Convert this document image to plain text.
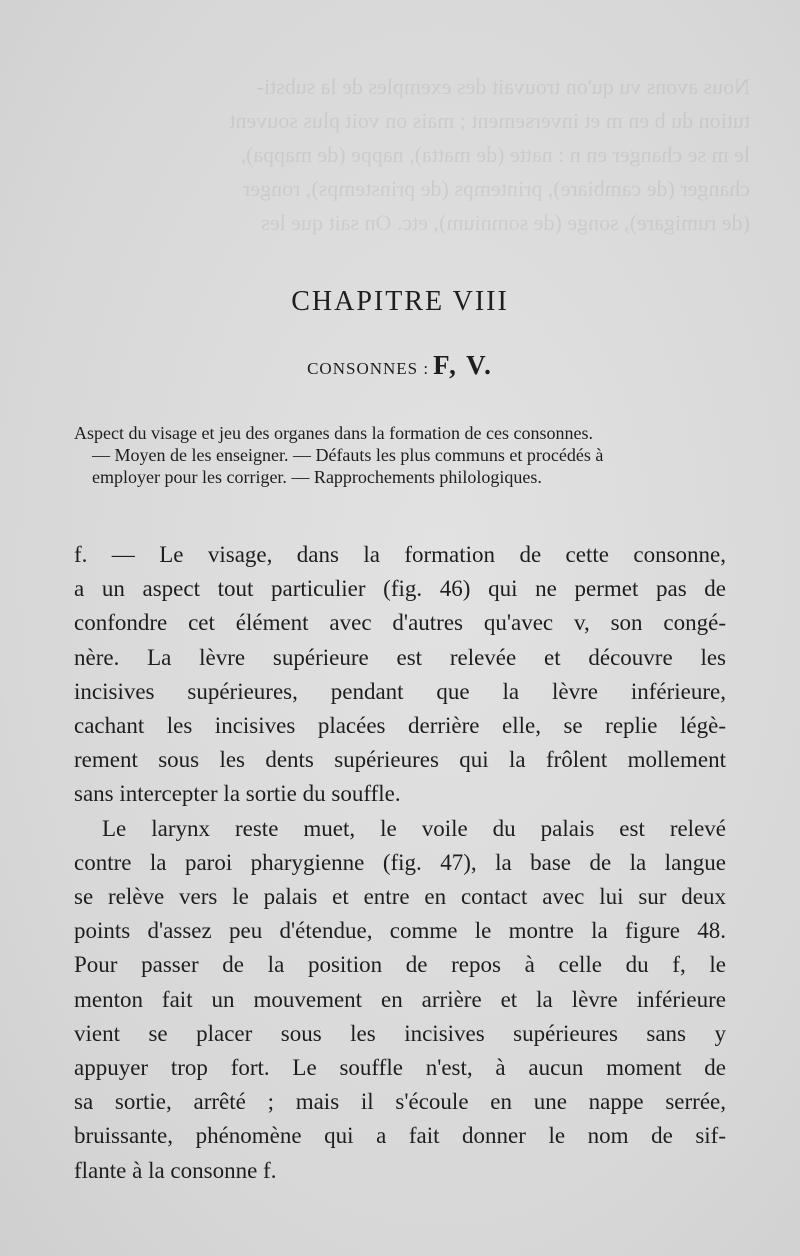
Nous avons vu qu'on trouvait des exemples de la substi-
tution du b en m et inversement ; mais on voit plus souvent
le m se changer en n : natte (de matta), nappe (de mappa),
changer (de cambiare), printemps (de prinstemps), ronger
(de rumigare), songe (de somnium), etc. On sait que les
CHAPITRE VIII
CONSONNES : F, V.
Aspect du visage et jeu des organes dans la formation de ces consonnes.
— Moyen de les enseigner. — Défauts les plus communs et procédés à
employer pour les corriger. — Rapprochements philologiques.
f. — Le visage, dans la formation de cette consonne,
a un aspect tout particulier (fig. 46) qui ne permet pas de
confondre cet élément avec d'autres qu'avec v, son congé-
nère. La lèvre supérieure est relevée et découvre les
incisives supérieures, pendant que la lèvre inférieure,
cachant les incisives placées derrière elle, se replie légè-
rement sous les dents supérieures qui la frôlent mollement
sans intercepter la sortie du souffle.
Le larynx reste muet, le voile du palais est relevé
contre la paroi pharygienne (fig. 47), la base de la langue
se relève vers le palais et entre en contact avec lui sur deux
points d'assez peu d'étendue, comme le montre la figure 48.
Pour passer de la position de repos à celle du f, le
menton fait un mouvement en arrière et la lèvre inférieure
vient se placer sous les incisives supérieures sans y
appuyer trop fort. Le souffle n'est, à aucun moment de
sa sortie, arrêté ; mais il s'écoule en une nappe serrée,
bruissante, phénomène qui a fait donner le nom de sif-
flante à la consonne f.
